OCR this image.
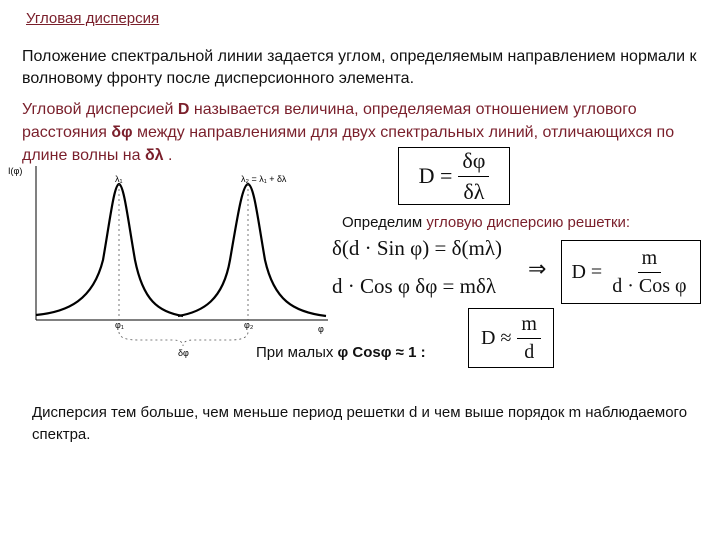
Угловая дисперсия
Положение спектральной линии задается углом, определяемым направлением нормали к волновому фронту после дисперсионного элемента.
Угловой дисперсией D называется величина, определяемая отношением углового расстояния δφ между направлениями для двух спектральных линий, отличающихся по длине волны на δλ .
$D = \frac{\delta\varphi}{\delta\lambda}$
I(φ)
λ₁	λ₂ = λ₁ + δλ
φ
φ₁	φ₂
δφ
Определим угловую дисперсию решетки:
δ(d · Sin φ) = δ(mλ)
d · Cos φ δφ = mδλ
⇒ $D = \frac{m}{\text{d · Cos φ}}$
При малых φ Cosφ ≈ 1 :
$D \approx \frac{m}{d}$
Дисперсия тем больше, чем меньше период решетки d и чем выше порядок m наблюдаемого спектра.
